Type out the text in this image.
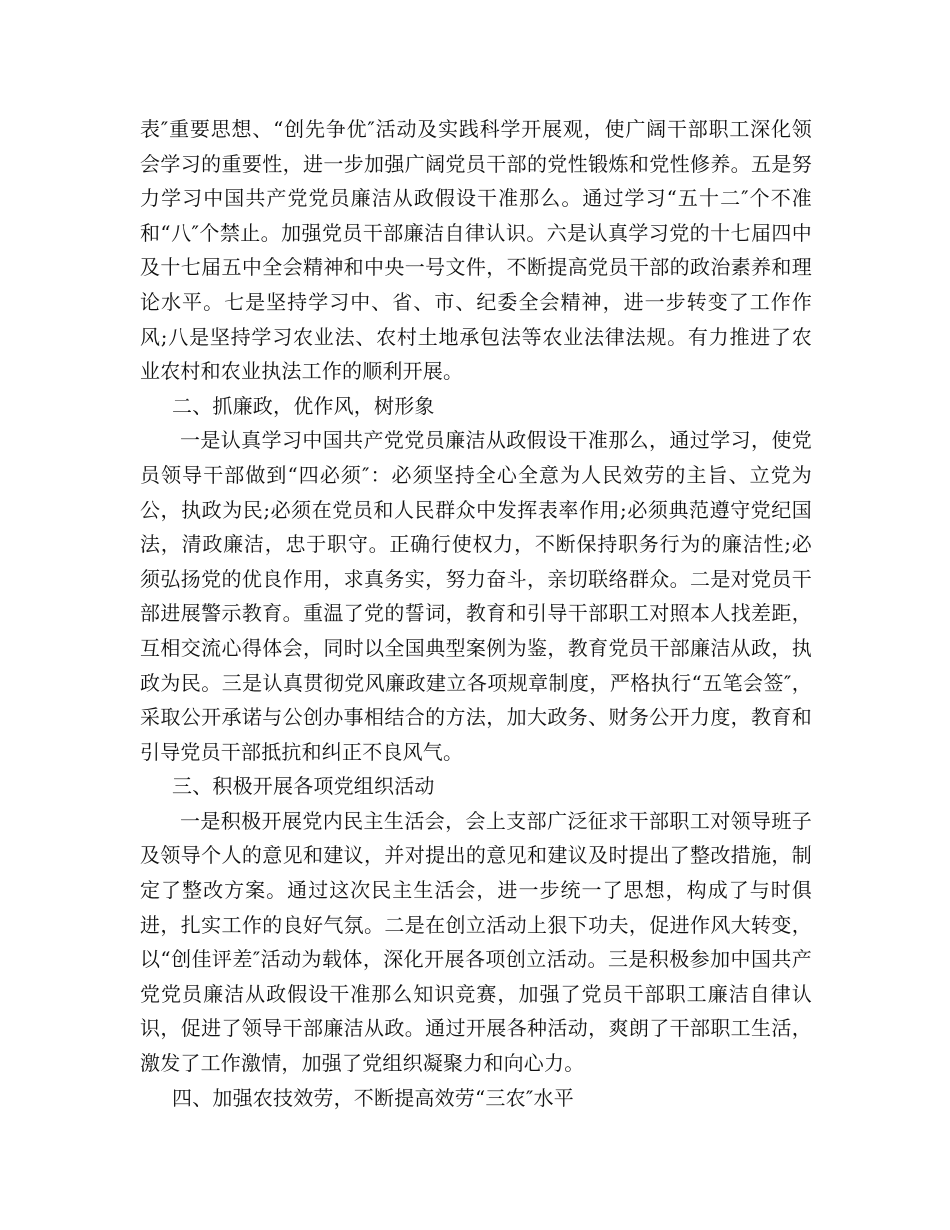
表″重要思想、“创先争优″活动及实践科学开展观，使广阔干部职工深化领会学习的重要性，进一步加强广阔党员干部的党性锻炼和党性修养。五是努力学习中国共产党党员廉洁从政假设干准那么。通过学习“五十二″个不准和“八″个禁止。加强党员干部廉洁自律认识。六是认真学习党的十七届四中及十七届五中全会精神和中央一号文件，不断提高党员干部的政治素养和理论水平。七是坚持学习中、省、市、纪委全会精神，进一步转变了工作作风;八是坚持学习农业法、农村土地承包法等农业法律法规。有力推进了农业农村和农业执法工作的顺利开展。

二、抓廉政，优作风，树形象

一是认真学习中国共产党党员廉洁从政假设干准那么，通过学习，使党员领导干部做到“四必须″：必须坚持全心全意为人民效劳的主旨、立党为公，执政为民;必须在党员和人民群众中发挥表率作用;必须典范遵守党纪国法，清政廉洁，忠于职守。正确行使权力，不断保持职务行为的廉洁性;必须弘扬党的优良作用，求真务实，努力奋斗，亲切联络群众。二是对党员干部进展警示教育。重温了党的誓词，教育和引导干部职工对照本人找差距，互相交流心得体会，同时以全国典型案例为鉴，教育党员干部廉洁从政，执政为民。三是认真贯彻党风廉政建立各项规章制度，严格执行“五笔会签″，采取公开承诺与公创办事相结合的方法，加大政务、财务公开力度，教育和引导党员干部抵抗和纠正不良风气。

三、积极开展各项党组织活动

一是积极开展党内民主生活会，会上支部广泛征求干部职工对领导班子及领导个人的意见和建议，并对提出的意见和建议及时提出了整改措施，制定了整改方案。通过这次民主生活会，进一步统一了思想，构成了与时俱进，扎实工作的良好气氛。二是在创立活动上狠下功夫，促进作风大转变，以“创佳评差″活动为载体，深化开展各项创立活动。三是积极参加中国共产党党员廉洁从政假设干准那么知识竞赛，加强了党员干部职工廉洁自律认识，促进了领导干部廉洁从政。通过开展各种活动，爽朗了干部职工生活，激发了工作激情，加强了党组织凝聚力和向心力。

四、加强农技效劳，不断提高效劳“三农″水平
